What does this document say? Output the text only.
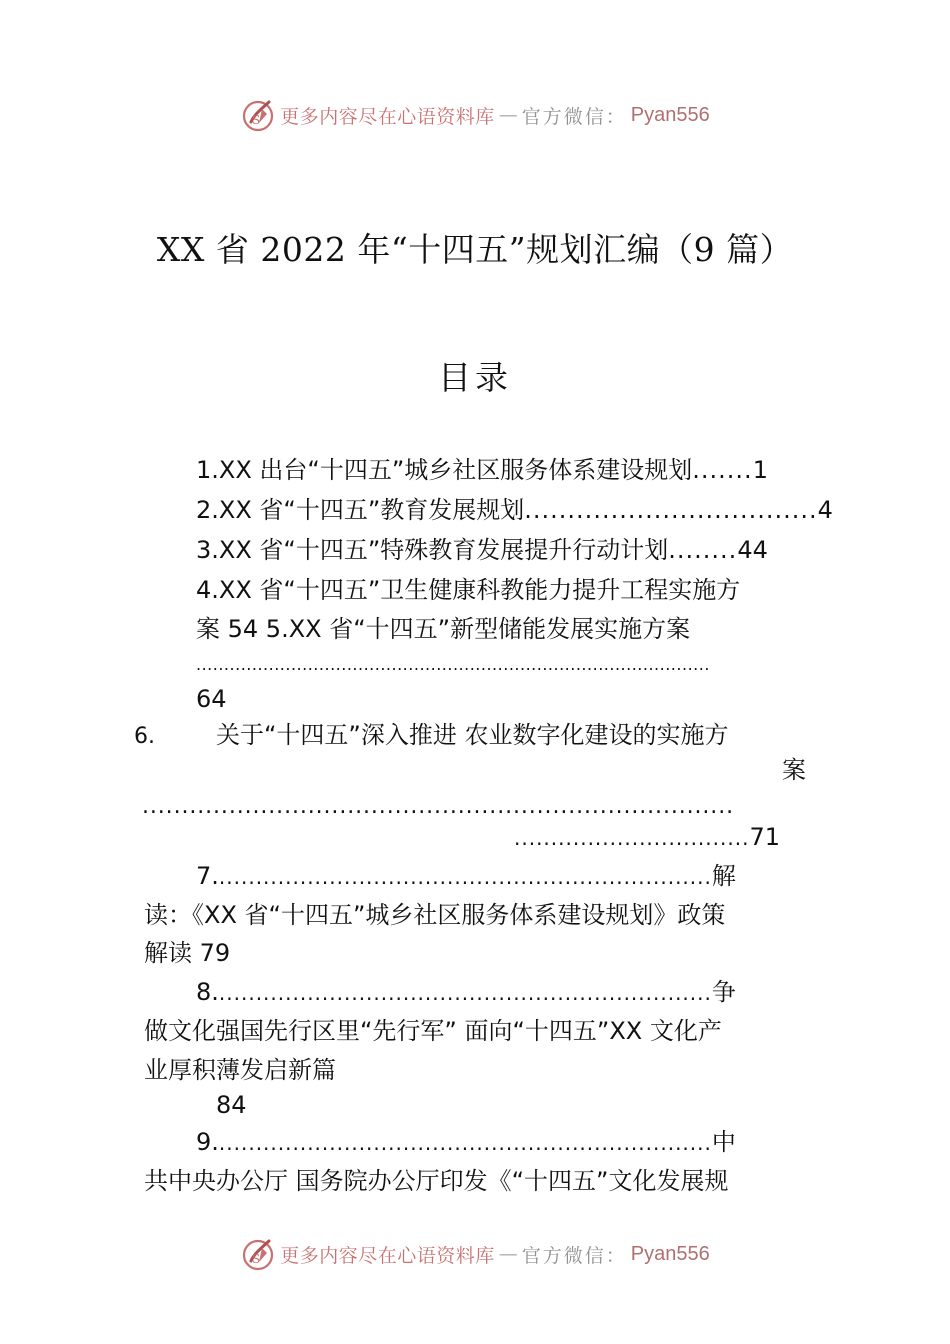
S 更多内容尽在心语资料库 — 官方微信： Pyan556
XX 省 2022 年“十四五”规划汇编（9 篇）
目录
1.XX 出台“十四五”城乡社区服务体系建设规划.......1
2.XX 省“十四五”教育发展规划..................................4
3.XX 省“十四五”特殊教育发展提升行动计划........44
4.XX 省“十四五”卫生健康科教能力提升工程实施方
案 54 5.XX 省“十四五”新型储能发展实施方案
............................................................................................
64
6.	关于“十四五”深入推进 农业数字化建设的实施方
案
...........................................................................
................................71
7....................................................................解
读：《XX 省“十四五”城乡社区服务体系建设规划》政策
解读 79
8....................................................................争
做文化强国先行区里“先行军” 面向“十四五”XX 文化产
业厚积薄发启新篇
84
9....................................................................中
共中央办公厅 国务院办公厅印发《“十四五”文化发展规
S 更多内容尽在心语资料库 — 官方微信： Pyan556
